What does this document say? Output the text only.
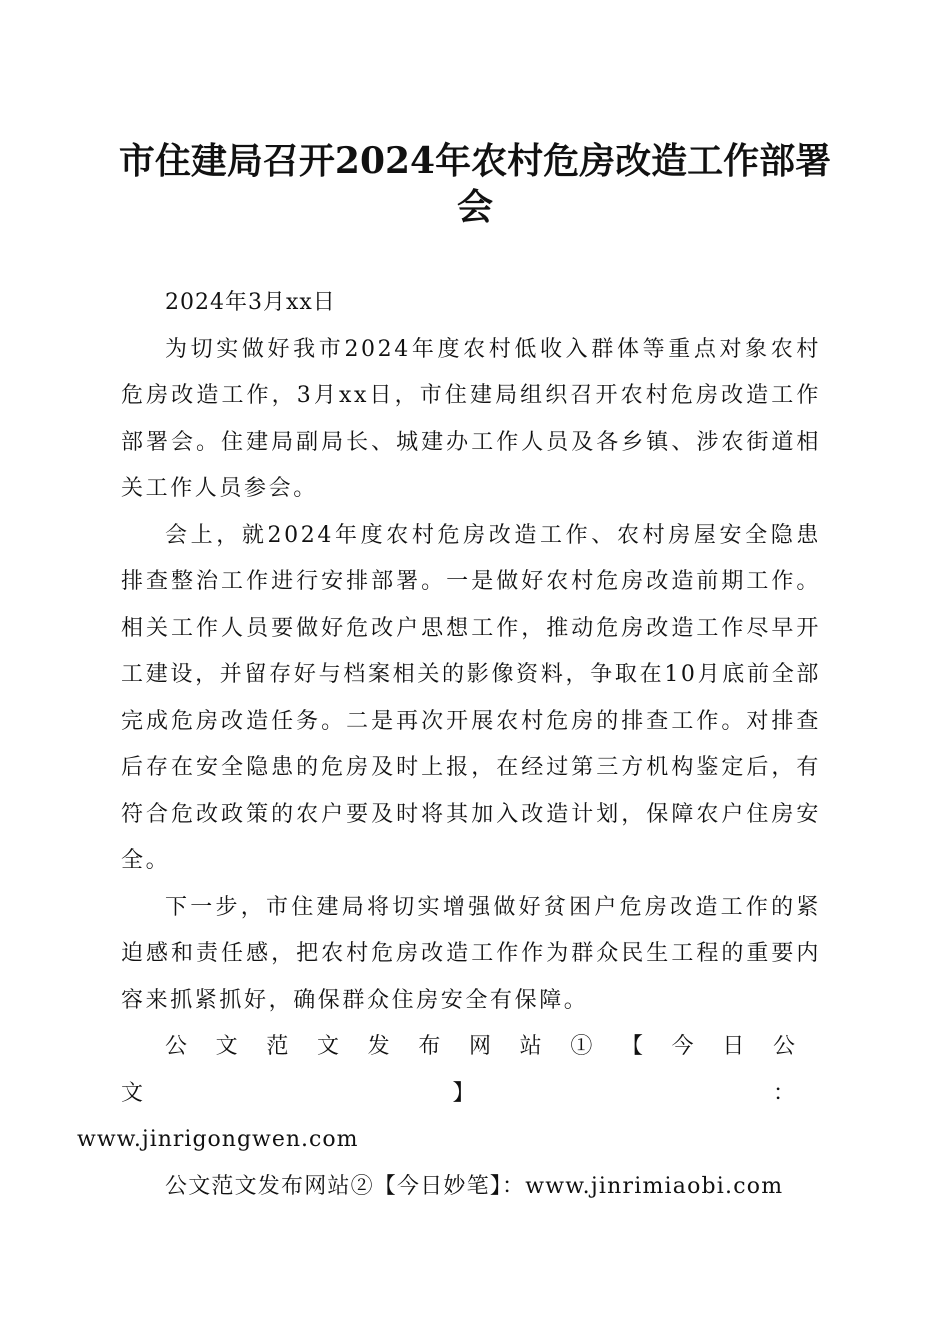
市住建局召开2024年农村危房改造工作部署会

2024年3月xx日

为切实做好我市2024年度农村低收入群体等重点对象农村危房改造工作，3月xx日，市住建局组织召开农村危房改造工作部署会。住建局副局长、城建办工作人员及各乡镇、涉农街道相关工作人员参会。

会上，就2024年度农村危房改造工作、农村房屋安全隐患排查整治工作进行安排部署。一是做好农村危房改造前期工作。相关工作人员要做好危改户思想工作，推动危房改造工作尽早开工建设，并留存好与档案相关的影像资料，争取在10月底前全部完成危房改造任务。二是再次开展农村危房的排查工作。对排查后存在安全隐患的危房及时上报，在经过第三方机构鉴定后，有符合危改政策的农户要及时将其加入改造计划，保障农户住房安全。

下一步，市住建局将切实增强做好贫困户危房改造工作的紧迫感和责任感，把农村危房改造工作作为群众民生工程的重要内容来抓紧抓好，确保群众住房安全有保障。

公文范文发布网站①【今日公文】：
www.jinrigongwen.com

公文范文发布网站②【今日妙笔】：www.jinrimiaobi.com
